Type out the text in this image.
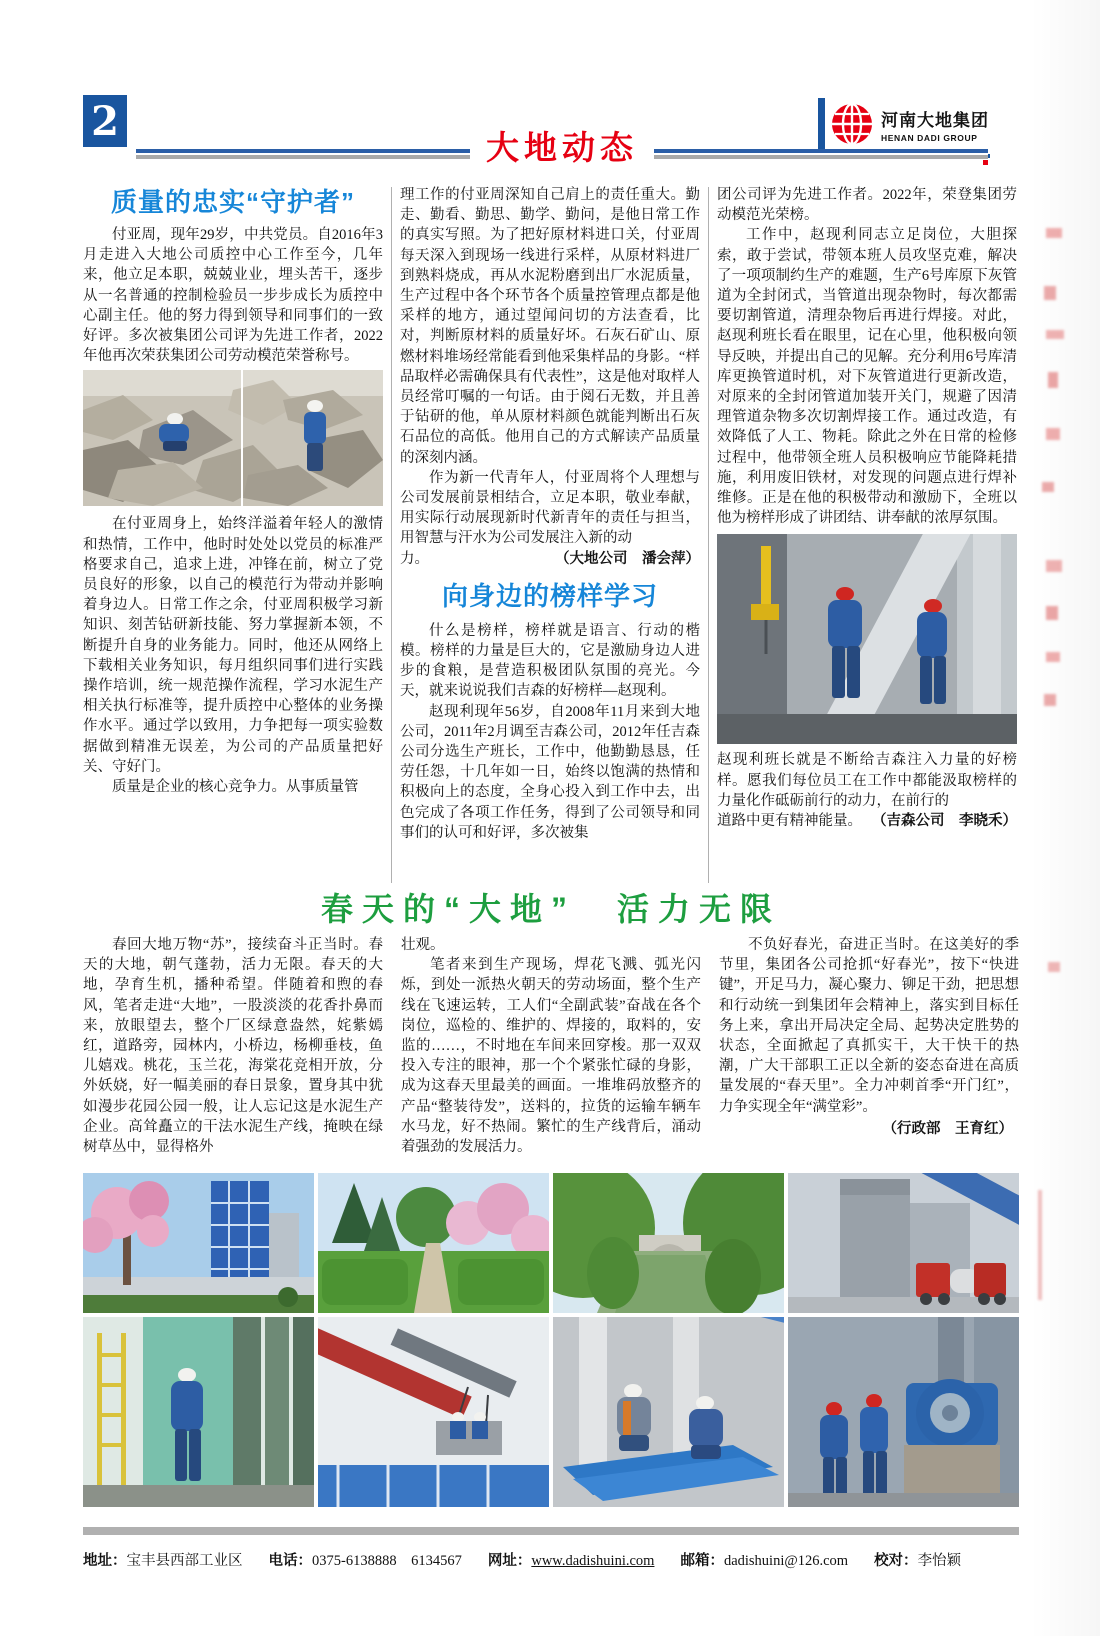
2	河南大地集团
HENAN DADI GROUP
大地动态
质量的忠实“守护者”

付亚周，现年29岁，中共党员。自2016年3月走进入大地公司质控中心工作至今，几年来，他立足本职，兢兢业业，埋头苦干，逐步从一名普通的控制检验员一步步成长为质控中心副主任。他的努力得到领导和同事们的一致好评。多次被集团公司评为先进工作者，2022年他再次荣获集团公司劳动模范荣誉称号。

在付亚周身上，始终洋溢着年轻人的激情和热情，工作中，他时时处处以党员的标准严格要求自己，追求上进，冲锋在前，树立了党员良好的形象，以自己的模范行为带动并影响着身边人。日常工作之余，付亚周积极学习新知识、刻苦钻研新技能、努力掌握新本领，不断提升自身的业务能力。同时，他还从网络上下载相关业务知识，每月组织同事们进行实践操作培训，统一规范操作流程，学习水泥生产相关执行标准等，提升质控中心整体的业务操作水平。通过学以致用，力争把每一项实验数据做到精准无误差，为公司的产品质量把好关、守好门。

质量是企业的核心竞争力。从事质量管

理工作的付亚周深知自己肩上的责任重大。勤走、勤看、勤思、勤学、勤问，是他日常工作的真实写照。为了把好原材料进口关，付亚周每天深入到现场一线进行采样，从原材料进厂到熟料烧成，再从水泥粉磨到出厂水泥质量，生产过程中各个环节各个质量控管理点都是他采样的地方，通过望闻问切的方法查看，比对，判断原材料的质量好坏。石灰石矿山、原燃材料堆场经常能看到他采集样品的身影。“样品取样必需确保具有代表性”，这是他对取样人员经常叮嘱的一句话。由于阅石无数，并且善于钻研的他，单从原材料颜色就能判断出石灰石品位的高低。他用自己的方式解读产品质量的深刻内涵。

作为新一代青年人，付亚周将个人理想与公司发展前景相结合，立足本职，敬业奉献，用实际行动展现新时代新青年的责任与担当，用智慧与汗水为公司发展注入新的动

力。	（大地公司　潘会萍）
向身边的榜样学习

什么是榜样，榜样就是语言、行动的楷模。榜样的力量是巨大的，它是激励身边人进步的食粮，是营造积极团队氛围的亮光。今天，就来说说我们吉森的好榜样—赵现利。

赵现利现年56岁，自2008年11月来到大地公司，2011年2月调至吉森公司，2012年任吉森公司分选生产班长，工作中，他勤勤恳恳，任劳任怨，十几年如一日，始终以饱满的热情和积极向上的态度，全身心投入到工作中去，出色完成了各项工作任务，得到了公司领导和同事们的认可和好评，多次被集

团公司评为先进工作者。2022年，荣登集团劳动模范光荣榜。

工作中，赵现利同志立足岗位，大胆探索，敢于尝试，带领本班人员攻坚克难，解决了一项项制约生产的难题，生产6号库原下灰管道为全封闭式，当管道出现杂物时，每次都需要切割管道，清理杂物后再进行焊接。对此，赵现利班长看在眼里，记在心里，他积极向领导反映，并提出自己的见解。充分利用6号库清库更换管道时机，对下灰管道进行更新改造，对原来的全封闭管道加装开关门，规避了因清理管道杂物多次切割焊接工作。通过改造，有效降低了人工、物耗。除此之外在日常的检修过程中，他带领全班人员积极响应节能降耗措施，利用废旧铁材，对发现的问题点进行焊补维修。正是在他的积极带动和激励下，全班以他为榜样形成了讲团结、讲奉献的浓厚氛围。

赵现利班长就是不断给吉森注入力量的好榜样。愿我们每位员工在工作中都能汲取榜样的力量化作砥砺前行的动力，在前行的

道路中更有精神能量。 （吉森公司　李晓禾）
春天的“大地”　活力无限

春回大地万物“苏”，接续奋斗正当时。春天的大地，朝气蓬勃，活力无限。春天的大地，孕育生机，播种希望。伴随着和煦的春风，笔者走进“大地”，一股淡淡的花香扑鼻而来，放眼望去，整个厂区绿意盎然，姹紫嫣红，道路旁，园林内，小桥边，杨柳垂枝，鱼儿嬉戏。桃花，玉兰花，海棠花竞相开放，分外妖娆，好一幅美丽的春日景象，置身其中犹如漫步花园公园一般，让人忘记这是水泥生产企业。高耸矗立的干法水泥生产线，掩映在绿树草丛中，显得格外

壮观。

笔者来到生产现场，焊花飞溅、弧光闪烁，到处一派热火朝天的劳动场面，整个生产线在飞速运转，工人们“全副武装”奋战在各个岗位，巡检的、维护的、焊接的，取料的，安监的……，不时地在车间来回穿梭。那一双双投入专注的眼神，那一个个紧张忙碌的身影，成为这春天里最美的画面。一堆堆码放整齐的产品“整装待发”，送料的，拉货的运输车辆车水马龙，好不热闹。繁忙的生产线背后，涌动着强劲的发展活力。

不负好春光，奋进正当时。在这美好的季节里，集团各公司抢抓“好春光”，按下“快进键”，开足马力，凝心聚力、铆足干劲，把思想和行动统一到集团年会精神上，落实到目标任务上来，拿出开局决定全局、起势决定胜势的状态，全面掀起了真抓实干，大干快干的热潮，广大干部职工正以全新的姿态奋进在高质量发展的“春天里”。全力冲刺首季“开门红”，力争实现全年“满堂彩”。

（行政部　王育红）
地址：宝丰县西部工业区 电话：0375-6138888　6134567 网址：www.dadishuini.com 邮箱：dadishuini@126.com 校对：李怡颖
